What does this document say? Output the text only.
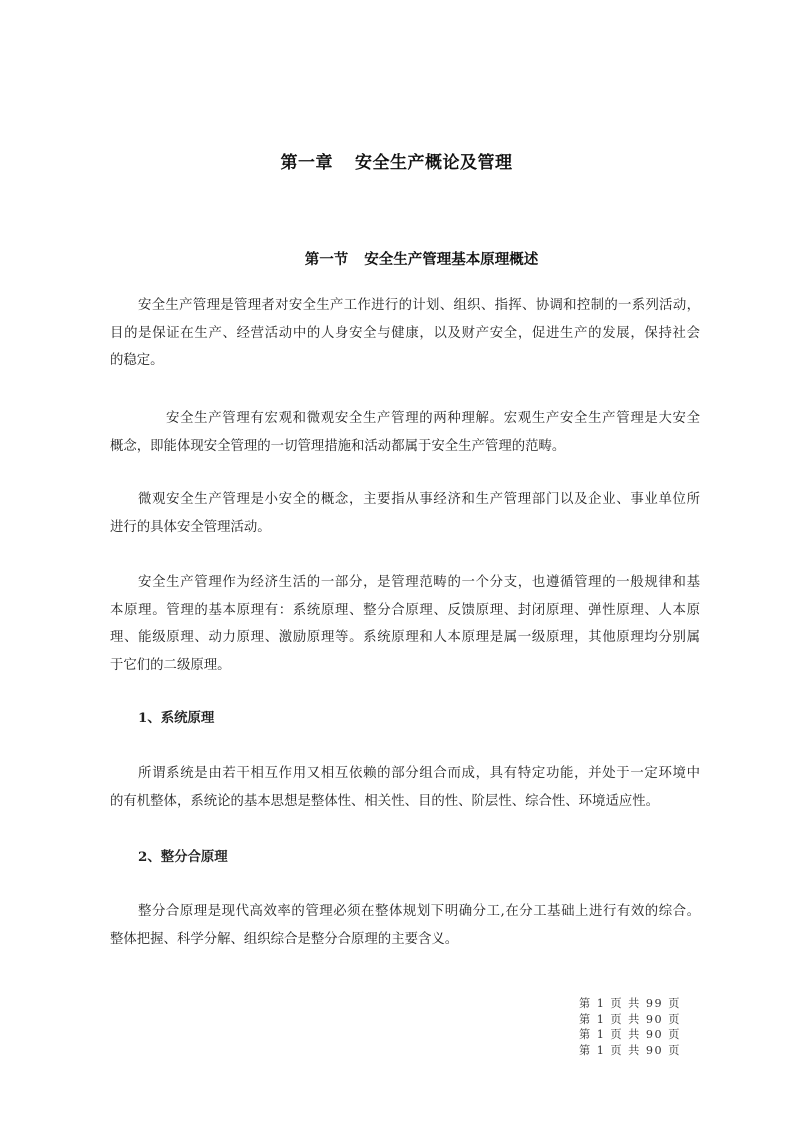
第一章 安全生产概论及管理
第一节 安全生产管理基本原理概述

安全生产管理是管理者对安全生产工作进行的计划、组织、指挥、协调和控制的一系列活动，
目的是保证在生产、经营活动中的人身安全与健康，以及财产安全，促进生产的发展，保持社会
的稳定。

安全生产管理有宏观和微观安全生产管理的两种理解。宏观生产安全生产管理是大安全
概念，即能体现安全管理的一切管理措施和活动都属于安全生产管理的范畴。

微观安全生产管理是小安全的概念，主要指从事经济和生产管理部门以及企业、事业单位所
进行的具体安全管理活动。

安全生产管理作为经济生活的一部分，是管理范畴的一个分支，也遵循管理的一般规律和基
本原理。管理的基本原理有：系统原理、整分合原理、反馈原理、封闭原理、弹性原理、人本原
理、能级原理、动力原理、激励原理等。系统原理和人本原理是属一级原理，其他原理均分别属
于它们的二级原理。

1、系统原理

所谓系统是由若干相互作用又相互依赖的部分组合而成，具有特定功能，并处于一定环境中
的有机整体，系统论的基本思想是整体性、相关性、目的性、阶层性、综合性、环境适应性。

2、整分合原理

整分合原理是现代高效率的管理必须在整体规划下明确分工,在分工基础上进行有效的综合。
整体把握、科学分解、组织综合是整分合原理的主要含义。

第 1 页 共 99 页
第 1 页 共 90 页
第 1 页 共 90 页
第 1 页 共 90 页
